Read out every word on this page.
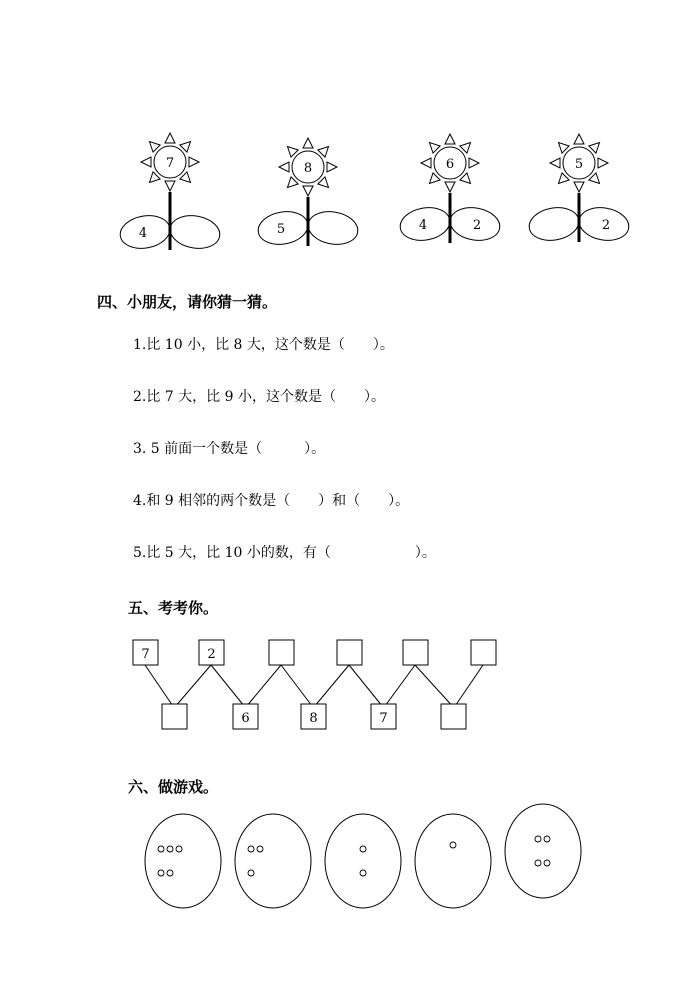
7
4
8
5
6
4	2
5
2
四、小朋友，请你猜一猜。
1.比 10 小，比 8 大，这个数是（　　）。
2.比 7 大，比 9 小，这个数是（　　）。
3. 5 前面一个数是（　　　）。
4.和 9 相邻的两个数是（　　）和（　　）。
5.比 5 大，比 10 小的数，有（　　　　　　）。
五、考考你。
7	2
6	8	7
六、做游戏。
